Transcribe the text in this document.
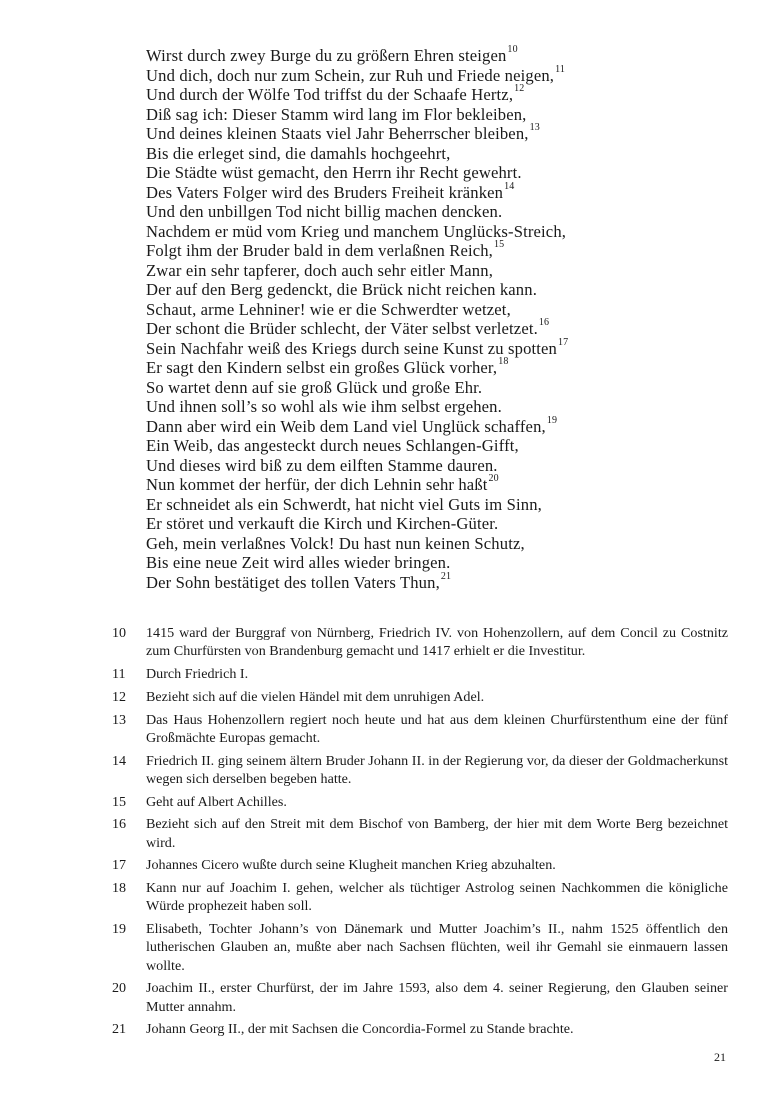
Wirst durch zwey Burge du zu größern Ehren steigen$^{10}$
Und dich, doch nur zum Schein, zur Ruh und Friede neigen,$^{11}$
Und durch der Wölfe Tod triffst du der Schaafe Hertz,$^{12}$
Diß sag ich: Dieser Stamm wird lang im Flor bekleiben,
Und deines kleinen Staats viel Jahr Beherrscher bleiben,$^{13}$
Bis die erleget sind, die damahls hochgeehrt,
Die Städte wüst gemacht, den Herrn ihr Recht gewehrt.
Des Vaters Folger wird des Bruders Freiheit kränken$^{14}$
Und den unbillgen Tod nicht billig machen dencken.
Nachdem er müd vom Krieg und manchem Unglücks-Streich,
Folgt ihm der Bruder bald in dem verlaßnen Reich,$^{15}$
Zwar ein sehr tapferer, doch auch sehr eitler Mann,
Der auf den Berg gedenckt, die Brück nicht reichen kann.
Schaut, arme Lehniner! wie er die Schwerdter wetzet,
Der schont die Brüder schlecht, der Väter selbst verletzet.$^{16}$
Sein Nachfahr weiß des Kriegs durch seine Kunst zu spotten$^{17}$
Er sagt den Kindern selbst ein großes Glück vorher,$^{18}$
So wartet denn auf sie groß Glück und große Ehr.
Und ihnen soll’s so wohl als wie ihm selbst ergehen.
Dann aber wird ein Weib dem Land viel Unglück schaffen,$^{19}$
Ein Weib, das angesteckt durch neues Schlangen-Gifft,
Und dieses wird biß zu dem eilften Stamme dauren.
Nun kommet der herfür, der dich Lehnin sehr haßt$^{20}$
Er schneidet als ein Schwerdt, hat nicht viel Guts im Sinn,
Er störet und verkauft die Kirch und Kirchen-Güter.
Geh, mein verlaßnes Volck! Du hast nun keinen Schutz,
Bis eine neue Zeit wird alles wieder bringen.
Der Sohn bestätiget des tollen Vaters Thun,$^{21}$
10	1415 ward der Burggraf von Nürnberg, Friedrich IV. von Hohenzollern, auf dem Concil zu Costnitz zum Churfürsten von Brandenburg gemacht und 1417 erhielt er die Investitur.
11	Durch Friedrich I.
12	Bezieht sich auf die vielen Händel mit dem unruhigen Adel.
13	Das Haus Hohenzollern regiert noch heute und hat aus dem kleinen Churfürstenthum eine der fünf Großmächte Europas gemacht.
14	Friedrich II. ging seinem ältern Bruder Johann II. in der Regierung vor, da dieser der Goldmacherkunst wegen sich derselben begeben hatte.
15	Geht auf Albert Achilles.
16	Bezieht sich auf den Streit mit dem Bischof von Bamberg, der hier mit dem Worte Berg bezeichnet wird.
17	Johannes Cicero wußte durch seine Klugheit manchen Krieg abzuhalten.
18	Kann nur auf Joachim I. gehen, welcher als tüchtiger Astrolog seinen Nachkommen die königliche Würde prophezeit haben soll.
19	Elisabeth, Tochter Johann’s von Dänemark und Mutter Joachim’s II., nahm 1525 öffentlich den lutherischen Glauben an, mußte aber nach Sachsen flüchten, weil ihr Gemahl sie einmauern lassen wollte.
20	Joachim II., erster Churfürst, der im Jahre 1593, also dem 4. seiner Regierung, den Glauben seiner Mutter annahm.
21	Johann Georg II., der mit Sachsen die Concordia-Formel zu Stande brachte.
21
